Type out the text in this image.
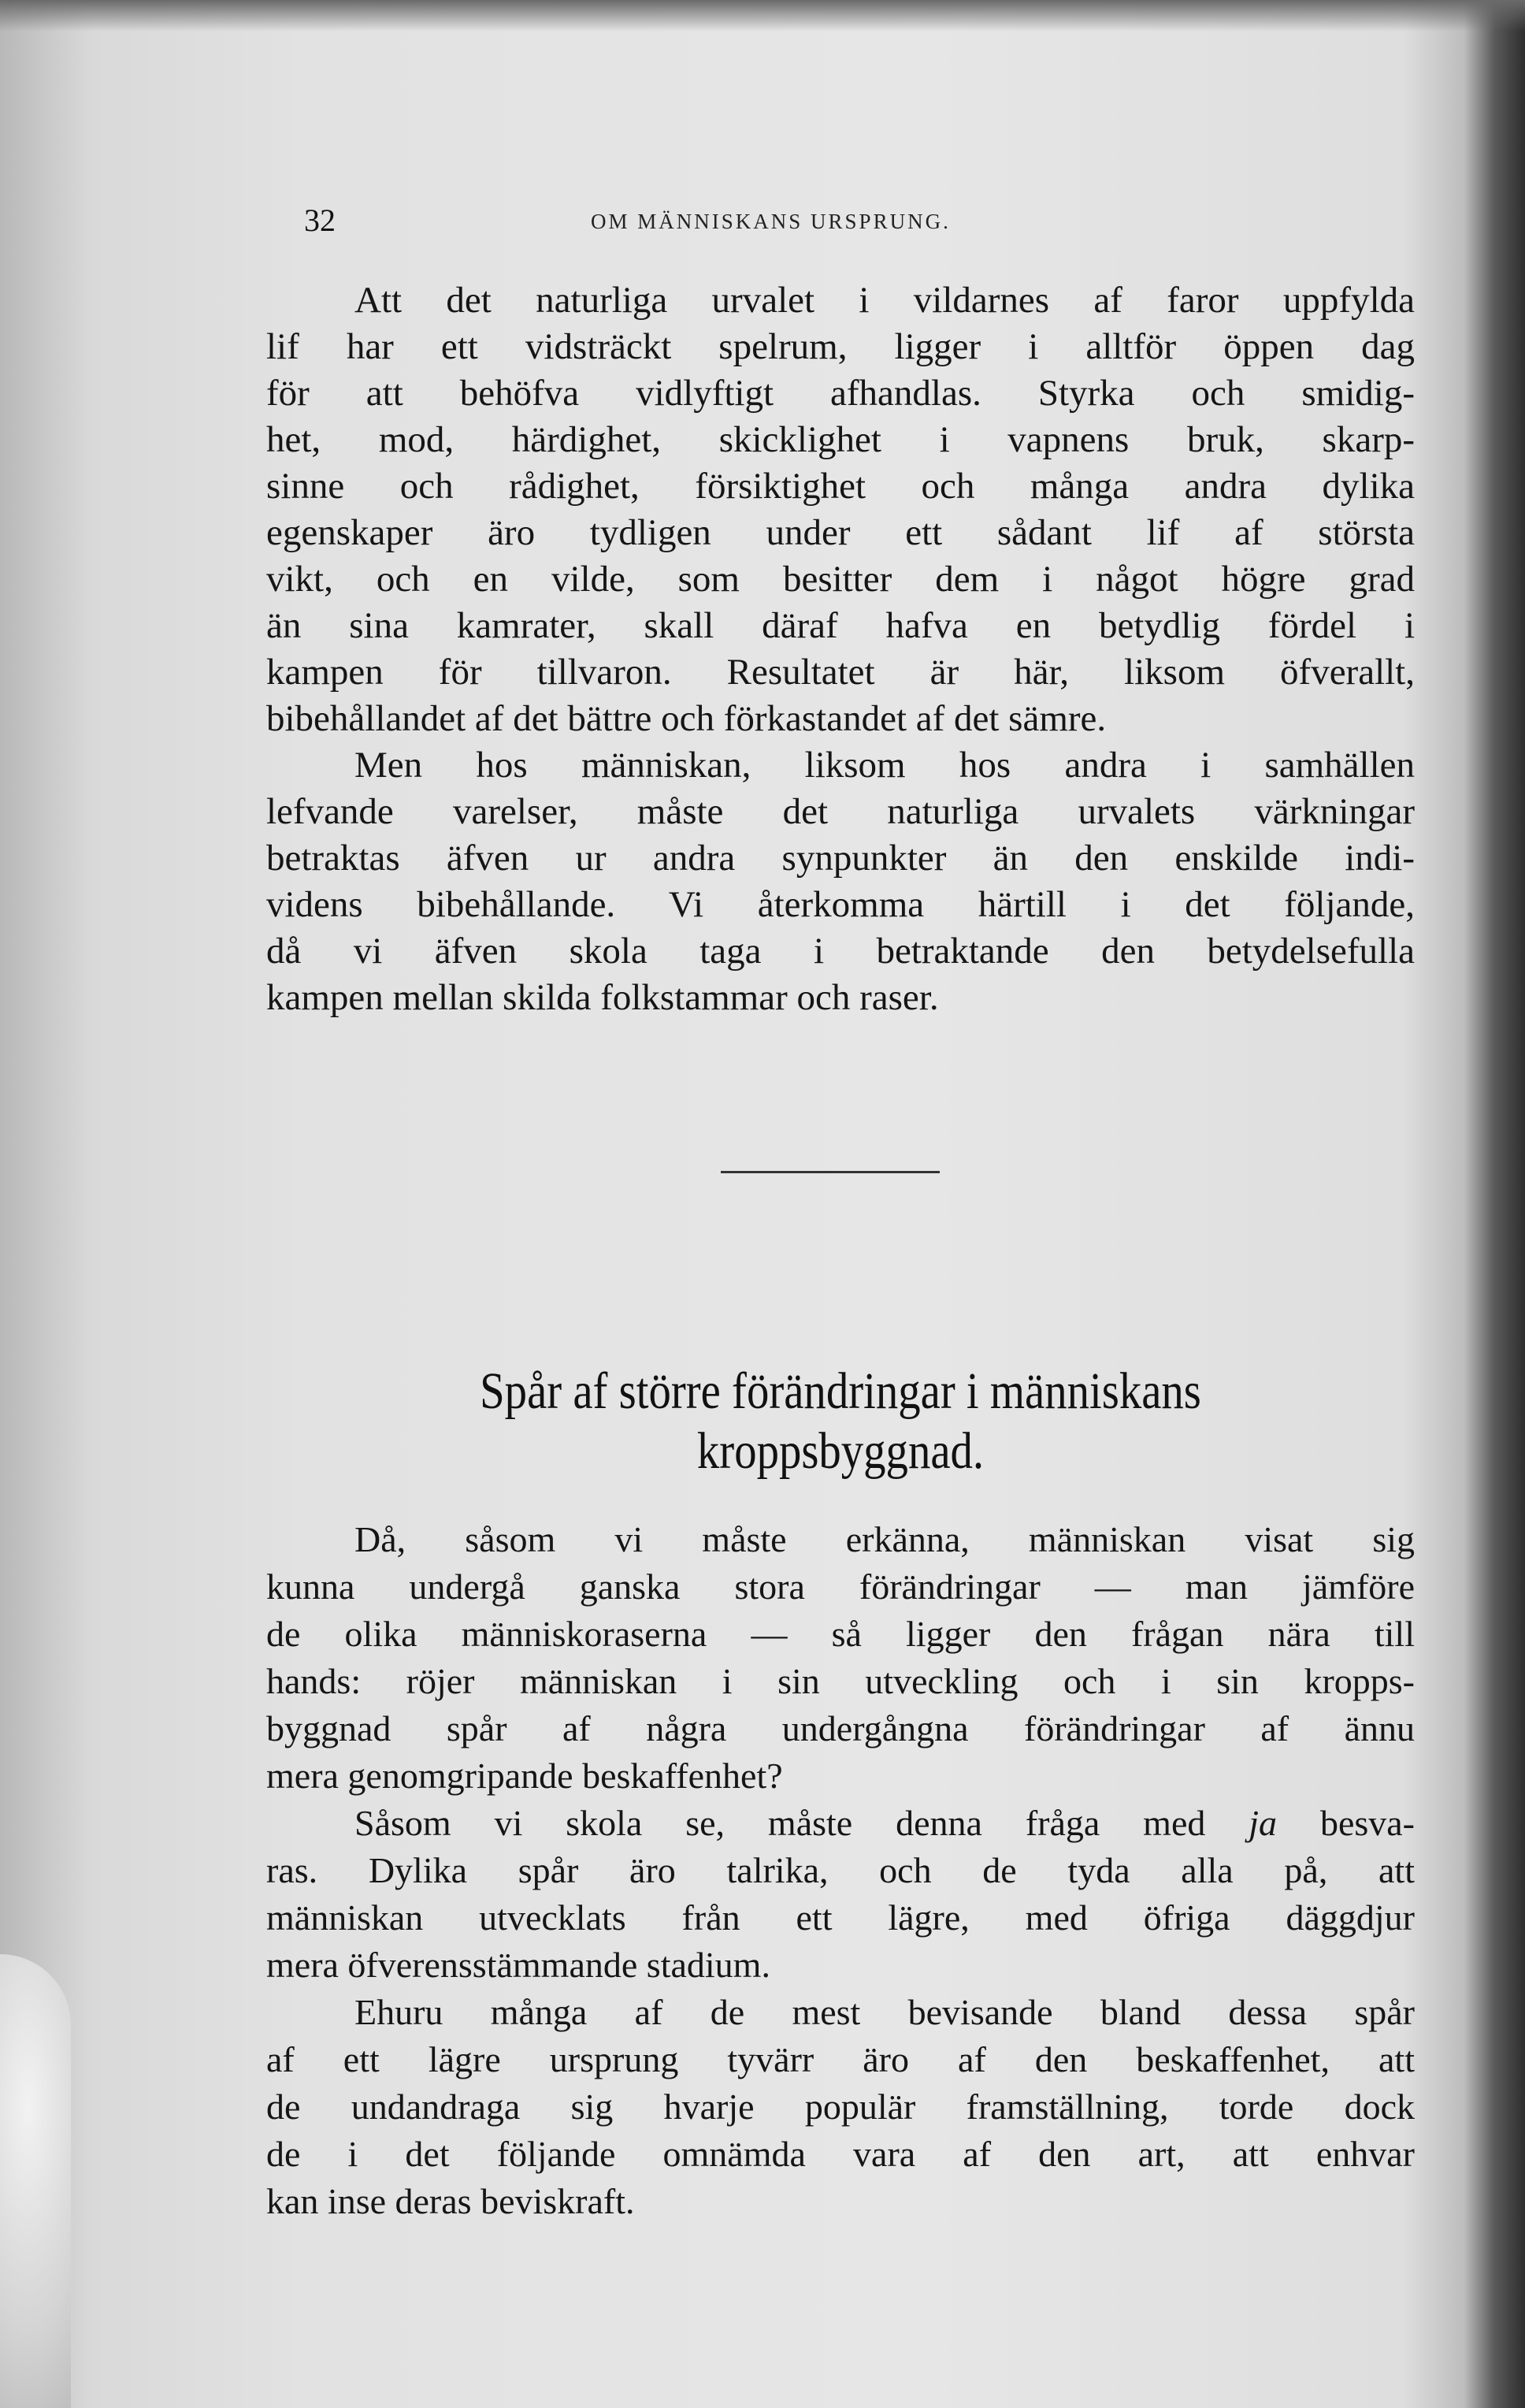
32	OM MÄNNISKANS URSPRUNG.
Att det naturliga urvalet i vildarnes af faror uppfylda
lif har ett vidsträckt spelrum, ligger i alltför öppen dag
för att behöfva vidlyftigt afhandlas. Styrka och smidig-
het, mod, härdighet, skicklighet i vapnens bruk, skarp-
sinne och rådighet, försiktighet och många andra dylika
egenskaper äro tydligen under ett sådant lif af största
vikt, och en vilde, som besitter dem i något högre grad
än sina kamrater, skall däraf hafva en betydlig fördel i
kampen för tillvaron. Resultatet är här, liksom öfverallt,
bibehållandet af det bättre och förkastandet af det sämre.
Men hos människan, liksom hos andra i samhällen
lefvande varelser, måste det naturliga urvalets värkningar
betraktas äfven ur andra synpunkter än den enskilde indi-
videns bibehållande. Vi återkomma härtill i det följande,
då vi äfven skola taga i betraktande den betydelsefulla
kampen mellan skilda folkstammar och raser.
Spår af större förändringar i människans
kroppsbyggnad.
Då, såsom vi måste erkänna, människan visat sig
kunna undergå ganska stora förändringar — man jämföre
de olika människoraserna — så ligger den frågan nära till
hands: röjer människan i sin utveckling och i sin kropps-
byggnad spår af några undergångna förändringar af ännu
mera genomgripande beskaffenhet?
Såsom vi skola se, måste denna fråga med ja besva-
ras. Dylika spår äro talrika, och de tyda alla på, att
människan utvecklats från ett lägre, med öfriga däggdjur
mera öfverensstämmande stadium.
Ehuru många af de mest bevisande bland dessa spår
af ett lägre ursprung tyvärr äro af den beskaffenhet, att
de undandraga sig hvarje populär framställning, torde dock
de i det följande omnämda vara af den art, att enhvar
kan inse deras beviskraft.
